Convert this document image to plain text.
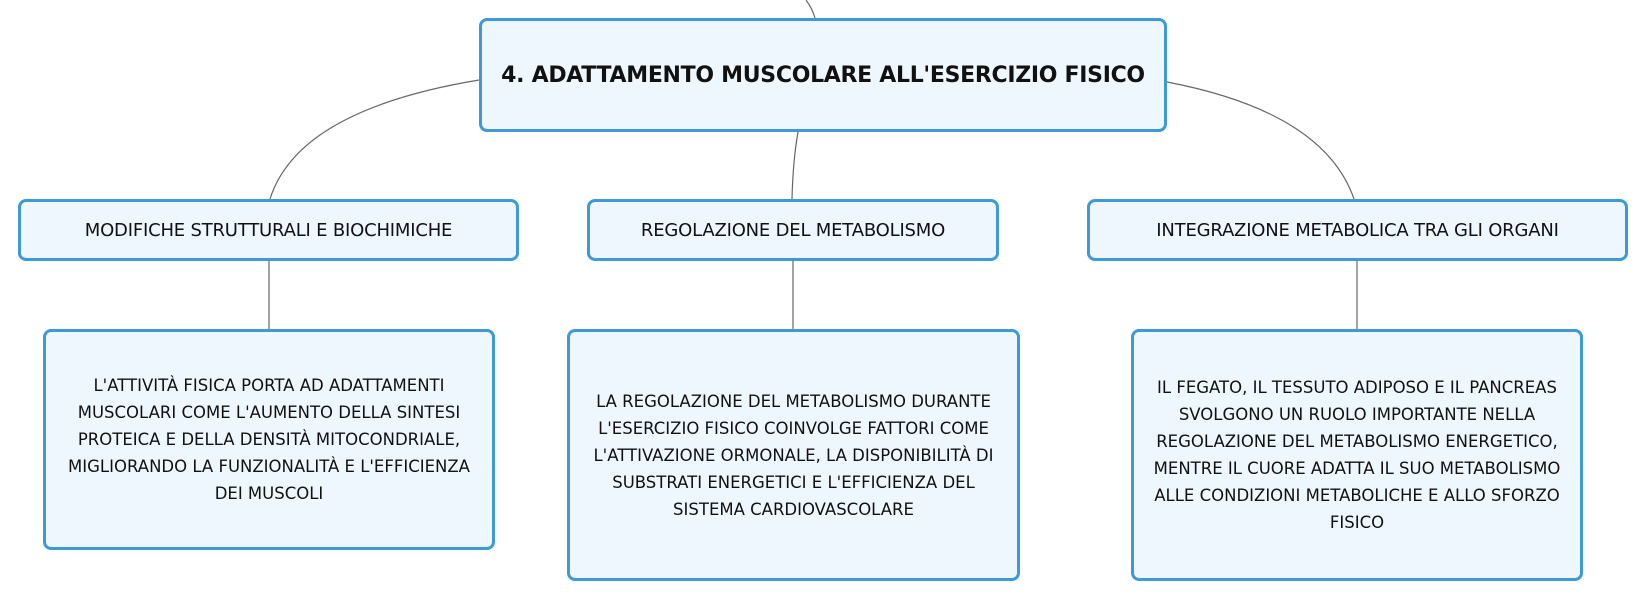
4. ADATTAMENTO MUSCOLARE ALL'ESERCIZIO FISICO
MODIFICHE STRUTTURALI E BIOCHIMICHE	REGOLAZIONE DEL METABOLISMO	INTEGRAZIONE METABOLICA TRA GLI ORGANI
L'ATTIVITÀ FISICA PORTA AD ADATTAMENTI MUSCOLARI COME L'AUMENTO DELLA SINTESI PROTEICA E DELLA DENSITÀ MITOCONDRIALE, MIGLIORANDO LA FUNZIONALITÀ E L'EFFICIENZA DEI MUSCOLI
LA REGOLAZIONE DEL METABOLISMO DURANTE L'ESERCIZIO FISICO COINVOLGE FATTORI COME L'ATTIVAZIONE ORMONALE, LA DISPONIBILITÀ DI SUBSTRATI ENERGETICI E L'EFFICIENZA DEL SISTEMA CARDIOVASCOLARE
IL FEGATO, IL TESSUTO ADIPOSO E IL PANCREAS SVOLGONO UN RUOLO IMPORTANTE NELLA REGOLAZIONE DEL METABOLISMO ENERGETICO, MENTRE IL CUORE ADATTA IL SUO METABOLISMO ALLE CONDIZIONI METABOLICHE E ALLO SFORZO FISICO
